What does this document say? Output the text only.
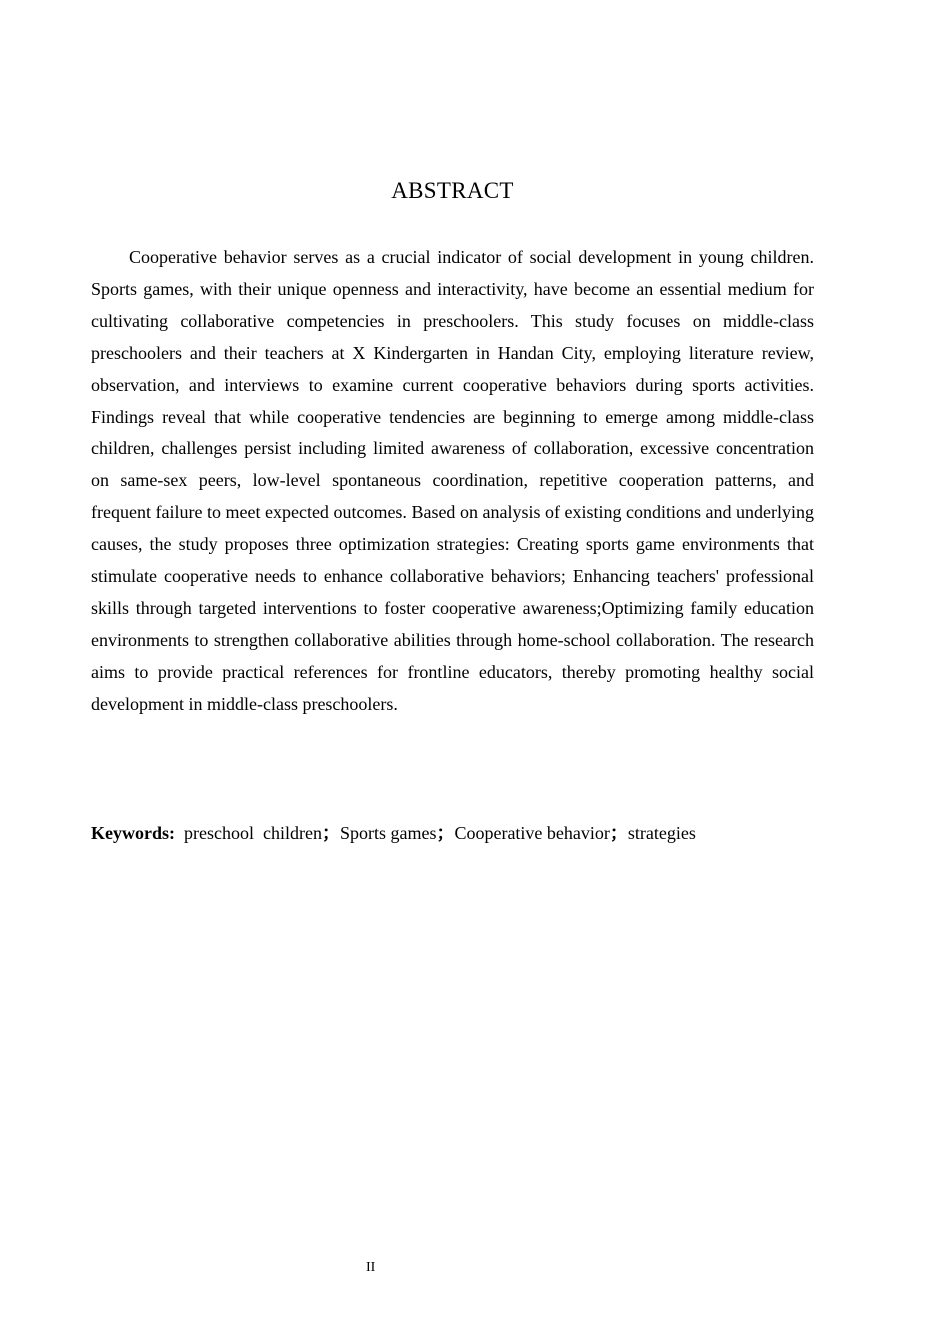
ABSTRACT

Cooperative behavior serves as a crucial indicator of social development in young children. Sports games, with their unique openness and interactivity, have become an essential medium for cultivating collaborative competencies in preschoolers. This study focuses on middle-class preschoolers and their teachers at X Kindergarten in Handan City, employing literature review, observation, and interviews to examine current cooperative behaviors during sports activities. Findings reveal that while cooperative tendencies are beginning to emerge among middle-class children, challenges persist including limited awareness of collaboration, excessive concentration on same-sex peers, low-level spontaneous coordination, repetitive cooperation patterns, and frequent failure to meet expected outcomes. Based on analysis of existing conditions and underlying causes, the study proposes three optimization strategies: Creating sports game environments that stimulate cooperative needs to enhance collaborative behaviors; Enhancing teachers' professional skills through targeted interventions to foster cooperative awareness;Optimizing family education environments to strengthen collaborative abilities through home-school collaboration. The research aims to provide practical references for frontline educators, thereby promoting healthy social development in middle-class preschoolers.

Keywords: preschool  children；Sports games；Cooperative behavior；strategies

II
